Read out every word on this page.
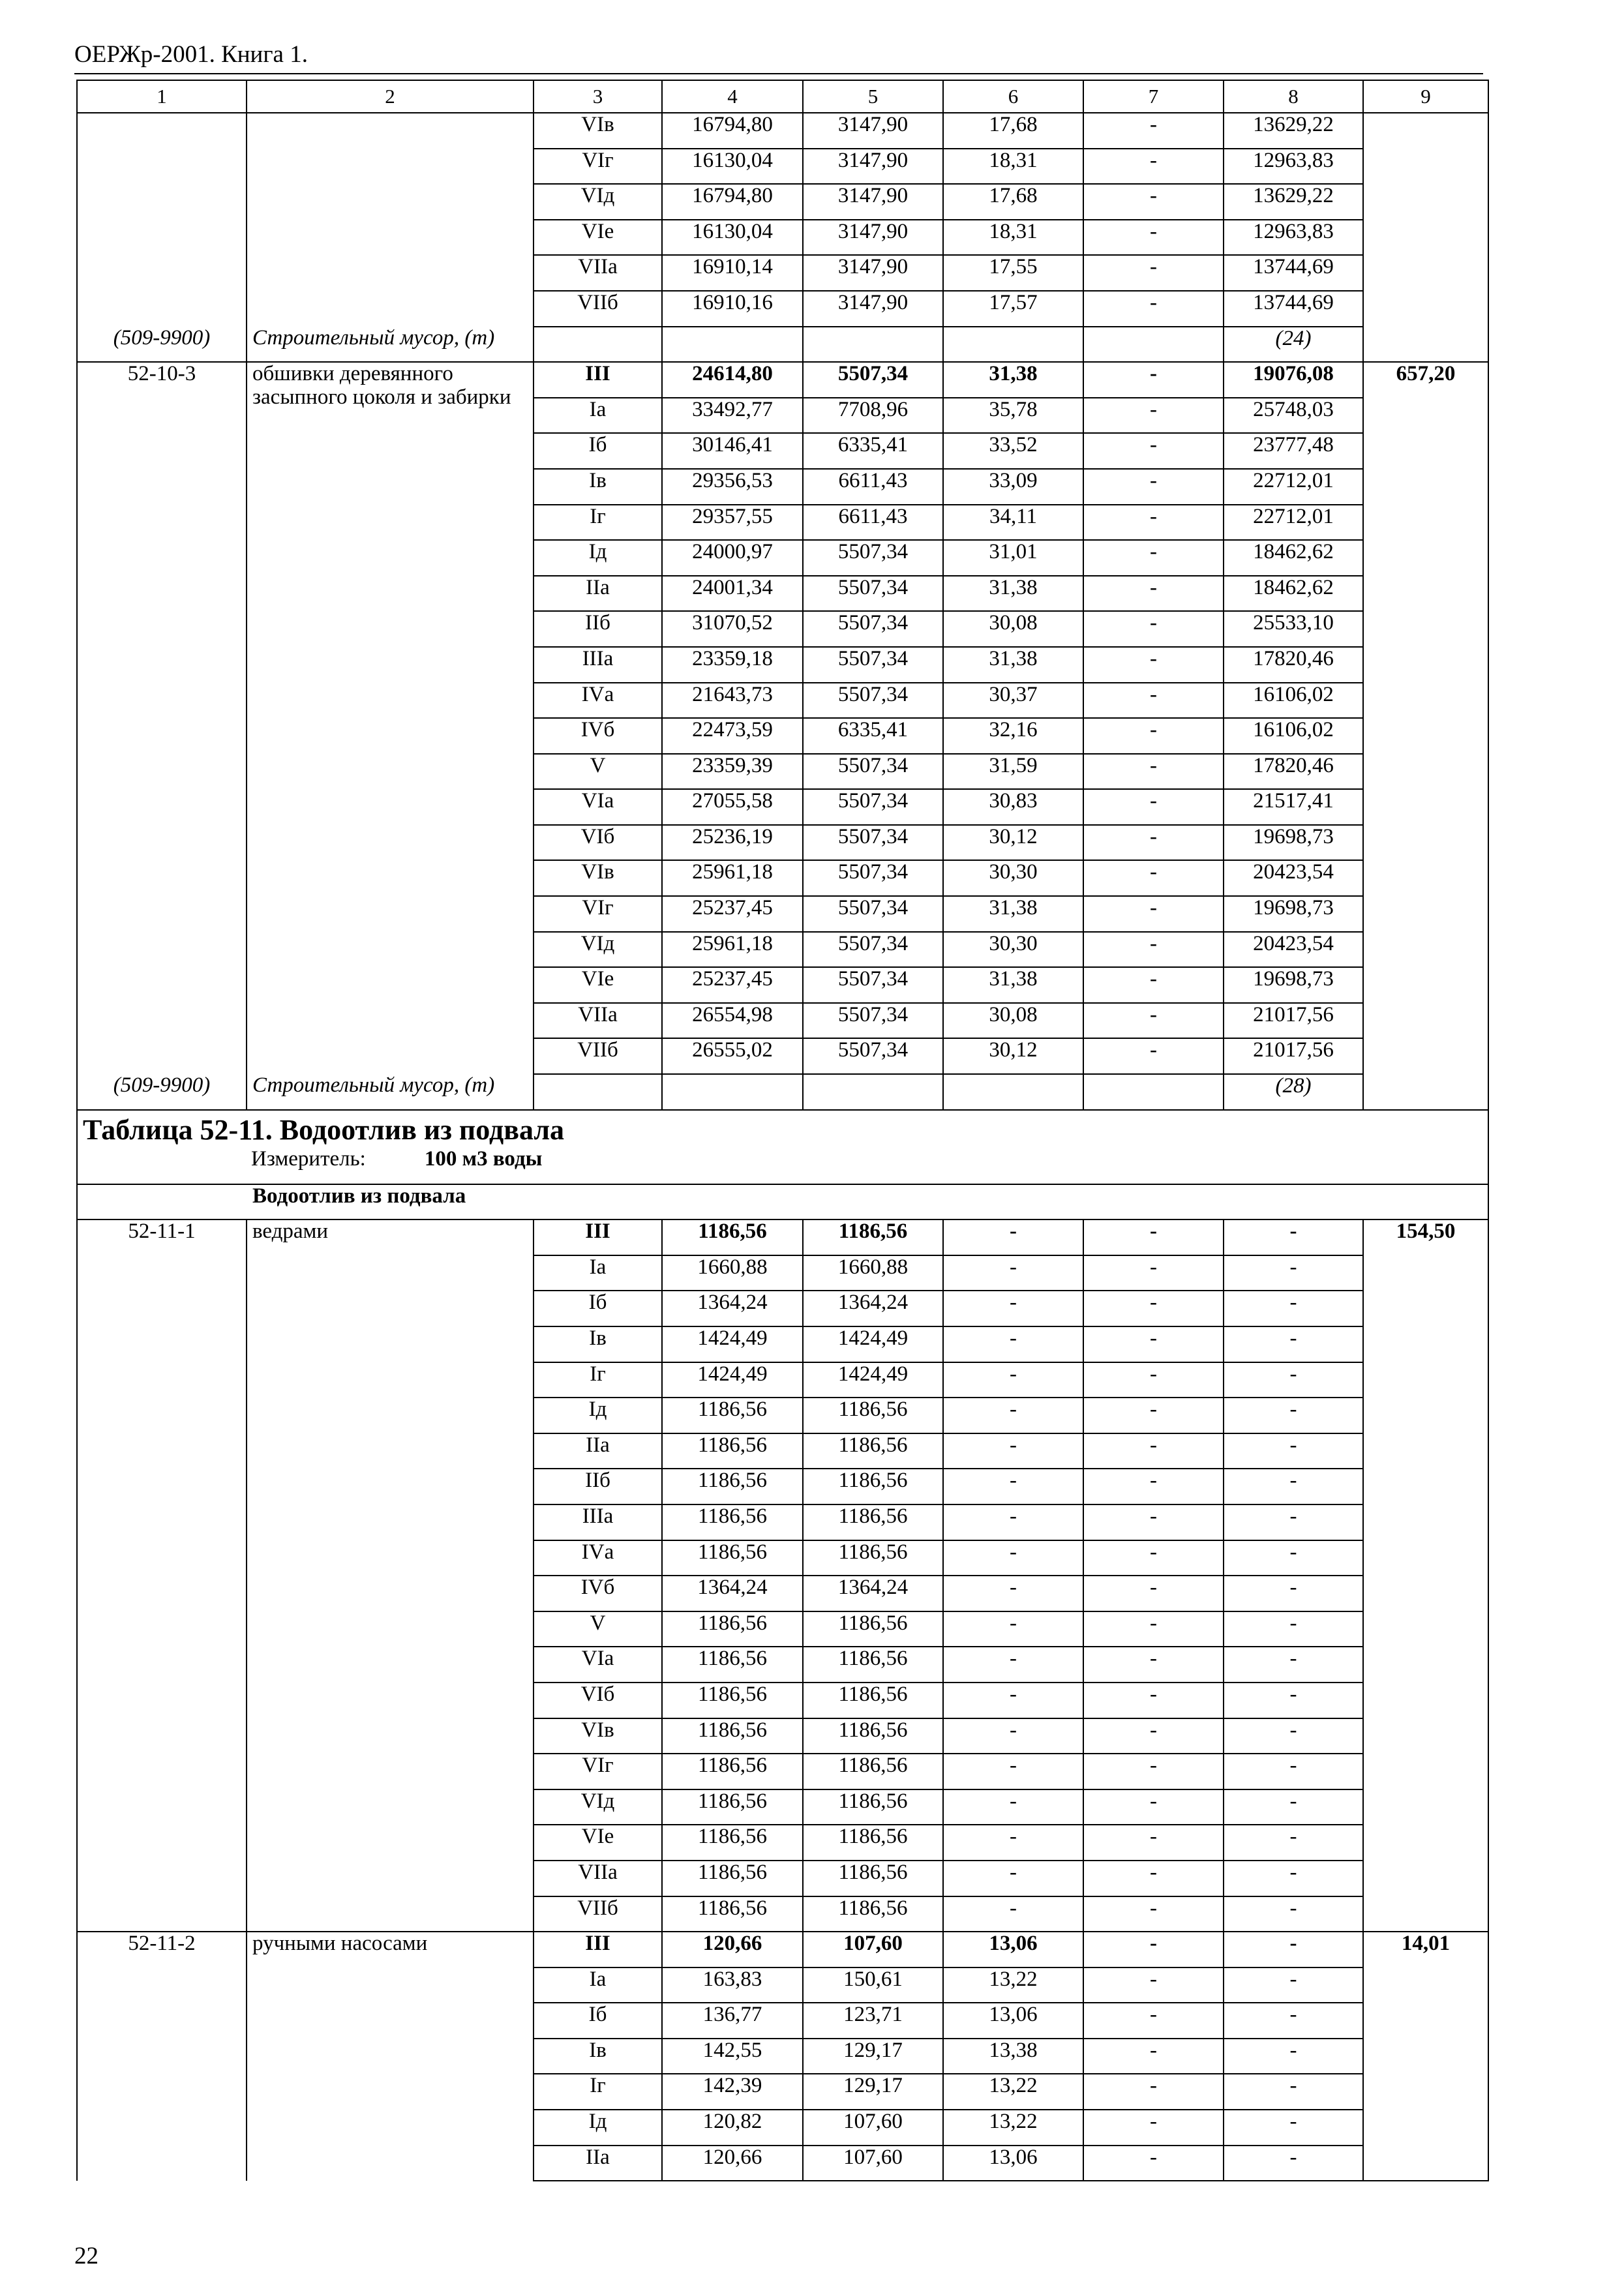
ОЕРЖр-2001. Книга 1.
1	2	3	4	5	6	7	8	9
		VIв	16794,80	3147,90	17,68	-	13629,22	
		VIг	16130,04	3147,90	18,31	-	12963,83	
		VIд	16794,80	3147,90	17,68	-	13629,22	
		VIе	16130,04	3147,90	18,31	-	12963,83	
		VIIа	16910,14	3147,90	17,55	-	13744,69	
		VIIб	16910,16	3147,90	17,57	-	13744,69	
(509-9900)	Строительный мусор, (т)						(24)	
52-10-3	обшивки деревянного засыпного цоколя и забирки	III	24614,80	5507,34	31,38	-	19076,08	657,20
		Iа	33492,77	7708,96	35,78	-	25748,03	
		Iб	30146,41	6335,41	33,52	-	23777,48	
		Iв	29356,53	6611,43	33,09	-	22712,01	
		Iг	29357,55	6611,43	34,11	-	22712,01	
		Iд	24000,97	5507,34	31,01	-	18462,62	
		IIа	24001,34	5507,34	31,38	-	18462,62	
		IIб	31070,52	5507,34	30,08	-	25533,10	
		IIIа	23359,18	5507,34	31,38	-	17820,46	
		IVа	21643,73	5507,34	30,37	-	16106,02	
		IVб	22473,59	6335,41	32,16	-	16106,02	
		V	23359,39	5507,34	31,59	-	17820,46	
		VIа	27055,58	5507,34	30,83	-	21517,41	
		VIб	25236,19	5507,34	30,12	-	19698,73	
		VIв	25961,18	5507,34	30,30	-	20423,54	
		VIг	25237,45	5507,34	31,38	-	19698,73	
		VIд	25961,18	5507,34	30,30	-	20423,54	
		VIе	25237,45	5507,34	31,38	-	19698,73	
		VIIа	26554,98	5507,34	30,08	-	21017,56	
		VIIб	26555,02	5507,34	30,12	-	21017,56	
(509-9900)	Строительный мусор, (т)						(28)	

Таблица 52-11. Водоотлив из подвала
Измеритель: 100 м3 воды								

Водоотлив из подвала								
52-11-1	ведрами	III	1186,56	1186,56	-	-	-	154,50
		Iа	1660,88	1660,88	-	-	-	
		Iб	1364,24	1364,24	-	-	-	
		Iв	1424,49	1424,49	-	-	-	
		Iг	1424,49	1424,49	-	-	-	
		Iд	1186,56	1186,56	-	-	-	
		IIа	1186,56	1186,56	-	-	-	
		IIб	1186,56	1186,56	-	-	-	
		IIIа	1186,56	1186,56	-	-	-	
		IVа	1186,56	1186,56	-	-	-	
		IVб	1364,24	1364,24	-	-	-	
		V	1186,56	1186,56	-	-	-	
		VIа	1186,56	1186,56	-	-	-	
		VIб	1186,56	1186,56	-	-	-	
		VIв	1186,56	1186,56	-	-	-	
		VIг	1186,56	1186,56	-	-	-	
		VIд	1186,56	1186,56	-	-	-	
		VIе	1186,56	1186,56	-	-	-	
		VIIа	1186,56	1186,56	-	-	-	
		VIIб	1186,56	1186,56	-	-	-	
52-11-2	ручными насосами	III	120,66	107,60	13,06	-	-	14,01
		Iа	163,83	150,61	13,22	-	-	
		Iб	136,77	123,71	13,06	-	-	
		Iв	142,55	129,17	13,38	-	-	
		Iг	142,39	129,17	13,22	-	-	
		Iд	120,82	107,60	13,22	-	-	
		IIа	120,66	107,60	13,06	-	-	
22
